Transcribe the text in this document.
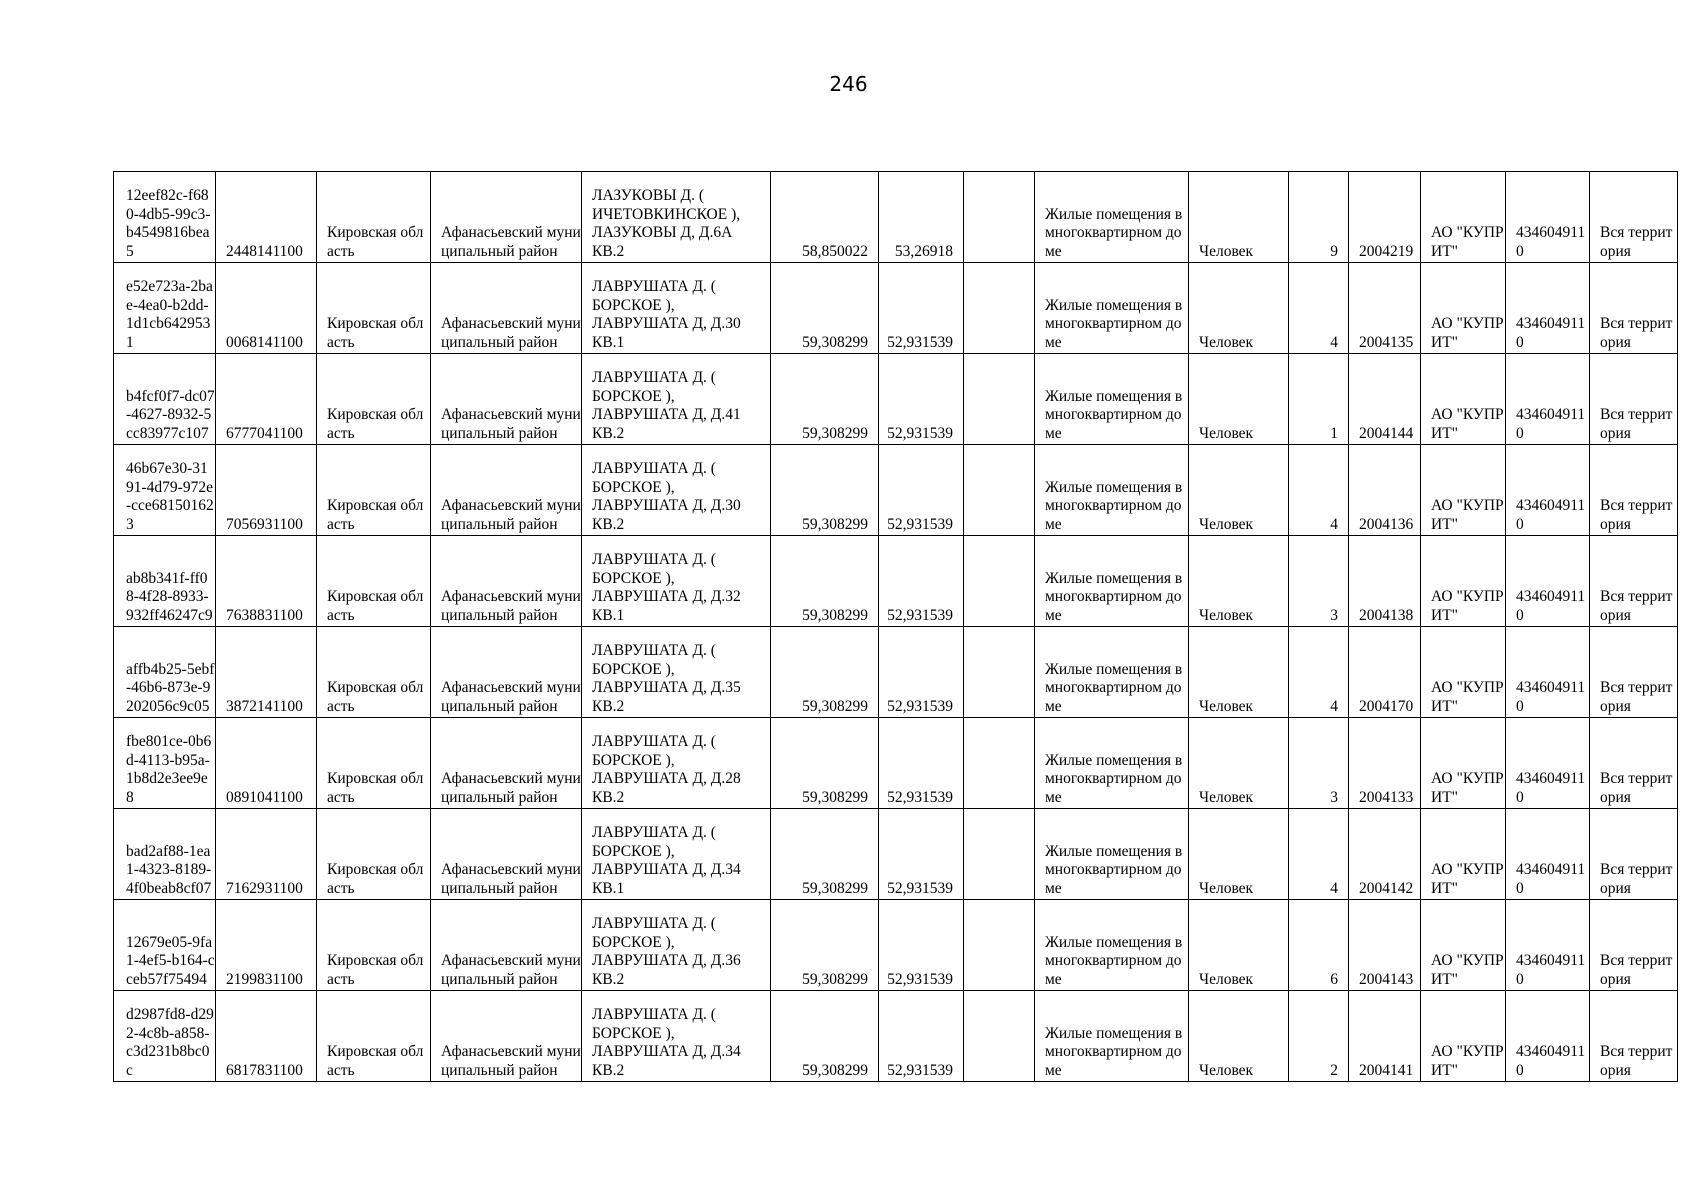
246
12eef82c-f680-4db5-99c3-b4549816bea5	2448141100	Кировская область	Афанасьевский муниципальный район	ЛАЗУКОВЫ Д. (
ИЧЕТОВКИНСКОЕ ),
ЛАЗУКОВЫ Д, Д.6А
КВ.2	58,850022	53,26918		Жилые помещения в многоквартирном доме	Человек	9	2004219	АО "КУПРИТ"	4346049110	Вся территория
e52e723a-2bae-4ea0-b2dd-1d1cb6429531	0068141100	Кировская область	Афанасьевский муниципальный район	ЛАВРУШАТА Д. (
БОРСКОЕ ),
ЛАВРУШАТА Д, Д.30
КВ.1	59,308299	52,931539		Жилые помещения в многоквартирном доме	Человек	4	2004135	АО "КУПРИТ"	4346049110	Вся территория
b4fcf0f7-dc07-4627-8932-5cc83977c107	6777041100	Кировская область	Афанасьевский муниципальный район	ЛАВРУШАТА Д. (
БОРСКОЕ ),
ЛАВРУШАТА Д, Д.41
КВ.2	59,308299	52,931539		Жилые помещения в многоквартирном доме	Человек	1	2004144	АО "КУПРИТ"	4346049110	Вся территория
46b67e30-3191-4d79-972e-cce681501623	7056931100	Кировская область	Афанасьевский муниципальный район	ЛАВРУШАТА Д. (
БОРСКОЕ ),
ЛАВРУШАТА Д, Д.30
КВ.2	59,308299	52,931539		Жилые помещения в многоквартирном доме	Человек	4	2004136	АО "КУПРИТ"	4346049110	Вся территория
ab8b341f-ff08-4f28-8933-932ff46247c9	7638831100	Кировская область	Афанасьевский муниципальный район	ЛАВРУШАТА Д. (
БОРСКОЕ ),
ЛАВРУШАТА Д, Д.32
КВ.1	59,308299	52,931539		Жилые помещения в многоквартирном доме	Человек	3	2004138	АО "КУПРИТ"	4346049110	Вся территория
affb4b25-5ebf-46b6-873e-9202056c9c05	3872141100	Кировская область	Афанасьевский муниципальный район	ЛАВРУШАТА Д. (
БОРСКОЕ ),
ЛАВРУШАТА Д, Д.35
КВ.2	59,308299	52,931539		Жилые помещения в многоквартирном доме	Человек	4	2004170	АО "КУПРИТ"	4346049110	Вся территория
fbe801ce-0b6d-4113-b95a-1b8d2e3ee9e8	0891041100	Кировская область	Афанасьевский муниципальный район	ЛАВРУШАТА Д. (
БОРСКОЕ ),
ЛАВРУШАТА Д, Д.28
КВ.2	59,308299	52,931539		Жилые помещения в многоквартирном доме	Человек	3	2004133	АО "КУПРИТ"	4346049110	Вся территория
bad2af88-1ea1-4323-8189-4f0beab8cf07	7162931100	Кировская область	Афанасьевский муниципальный район	ЛАВРУШАТА Д. (
БОРСКОЕ ),
ЛАВРУШАТА Д, Д.34
КВ.1	59,308299	52,931539		Жилые помещения в многоквартирном доме	Человек	4	2004142	АО "КУПРИТ"	4346049110	Вся территория
12679e05-9fa1-4ef5-b164-cceb57f75494	2199831100	Кировская область	Афанасьевский муниципальный район	ЛАВРУШАТА Д. (
БОРСКОЕ ),
ЛАВРУШАТА Д, Д.36
КВ.2	59,308299	52,931539		Жилые помещения в многоквартирном доме	Человек	6	2004143	АО "КУПРИТ"	4346049110	Вся территория
d2987fd8-d292-4c8b-a858-c3d231b8bc0c	6817831100	Кировская область	Афанасьевский муниципальный район	ЛАВРУШАТА Д. (
БОРСКОЕ ),
ЛАВРУШАТА Д, Д.34
КВ.2	59,308299	52,931539		Жилые помещения в многоквартирном доме	Человек	2	2004141	АО "КУПРИТ"	4346049110	Вся территория
